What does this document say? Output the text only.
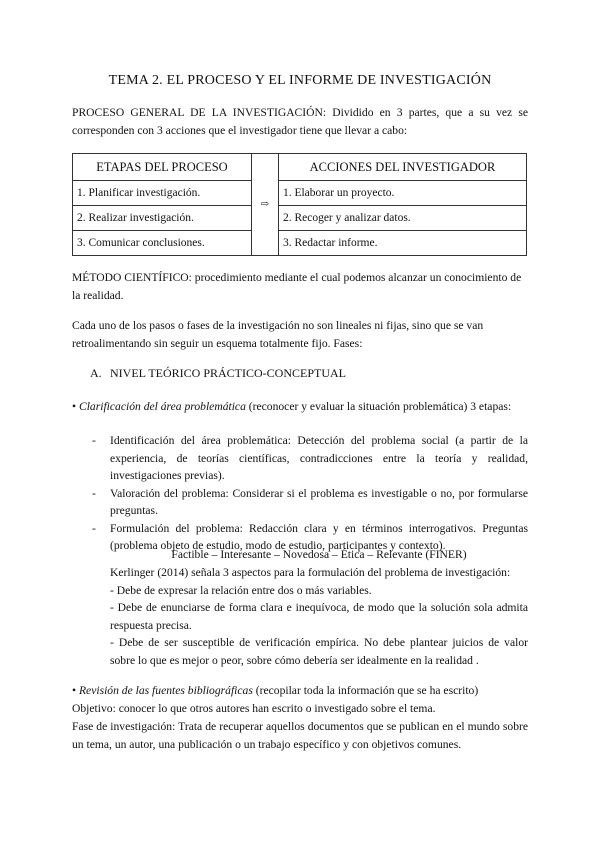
TEMA 2. EL PROCESO Y EL INFORME DE INVESTIGACIÓN
PROCESO GENERAL DE LA INVESTIGACIÓN: Dividido en 3 partes, que a su vez se corresponden con 3 acciones que el investigador tiene que llevar a cabo:
ETAPAS DEL PROCESO	⇨	ACCIONES DEL INVESTIGADOR
1. Planificar investigación.		1. Elaborar un proyecto.
2. Realizar investigación.		2. Recoger y analizar datos.
3. Comunicar conclusiones.		3. Redactar informe.
MÉTODO CIENTÍFICO: procedimiento mediante el cual podemos alcanzar un conocimiento de la realidad.
Cada uno de los pasos o fases de la investigación no son lineales ni fijas, sino que se van retroalimentando sin seguir un esquema totalmente fijo. Fases:
A. NIVEL TEÓRICO PRÁCTICO-CONCEPTUAL
• Clarificación del área problemática (reconocer y evaluar la situación problemática) 3 etapas:
- Identificación del área problemática: Detección del problema social (a partir de la experiencia, de teorías científicas, contradicciones entre la teoría y realidad, investigaciones previas).
- Valoración del problema: Considerar si el problema es investigable o no, por formularse preguntas.
- Formulación del problema: Redacción clara y en términos interrogativos. Preguntas (problema objeto de estudio, modo de estudio, participantes y contexto).
Factible – Interesante – Novedosa – Ética – Relevante (FINER)
Kerlinger (2014) señala 3 aspectos para la formulación del problema de investigación:
- Debe de expresar la relación entre dos o más variables.
- Debe de enunciarse de forma clara e inequívoca, de modo que la solución sola admita respuesta precisa.
- Debe de ser susceptible de verificación empírica. No debe plantear juicios de valor sobre lo que es mejor o peor, sobre cómo debería ser idealmente en la realidad .
• Revisión de las fuentes bibliográficas (recopilar toda la información que se ha escrito)
Objetivo: conocer lo que otros autores han escrito o investigado sobre el tema.
Fase de investigación: Trata de recuperar aquellos documentos que se publican en el mundo sobre un tema, un autor, una publicación o un trabajo específico y con objetivos comunes.
